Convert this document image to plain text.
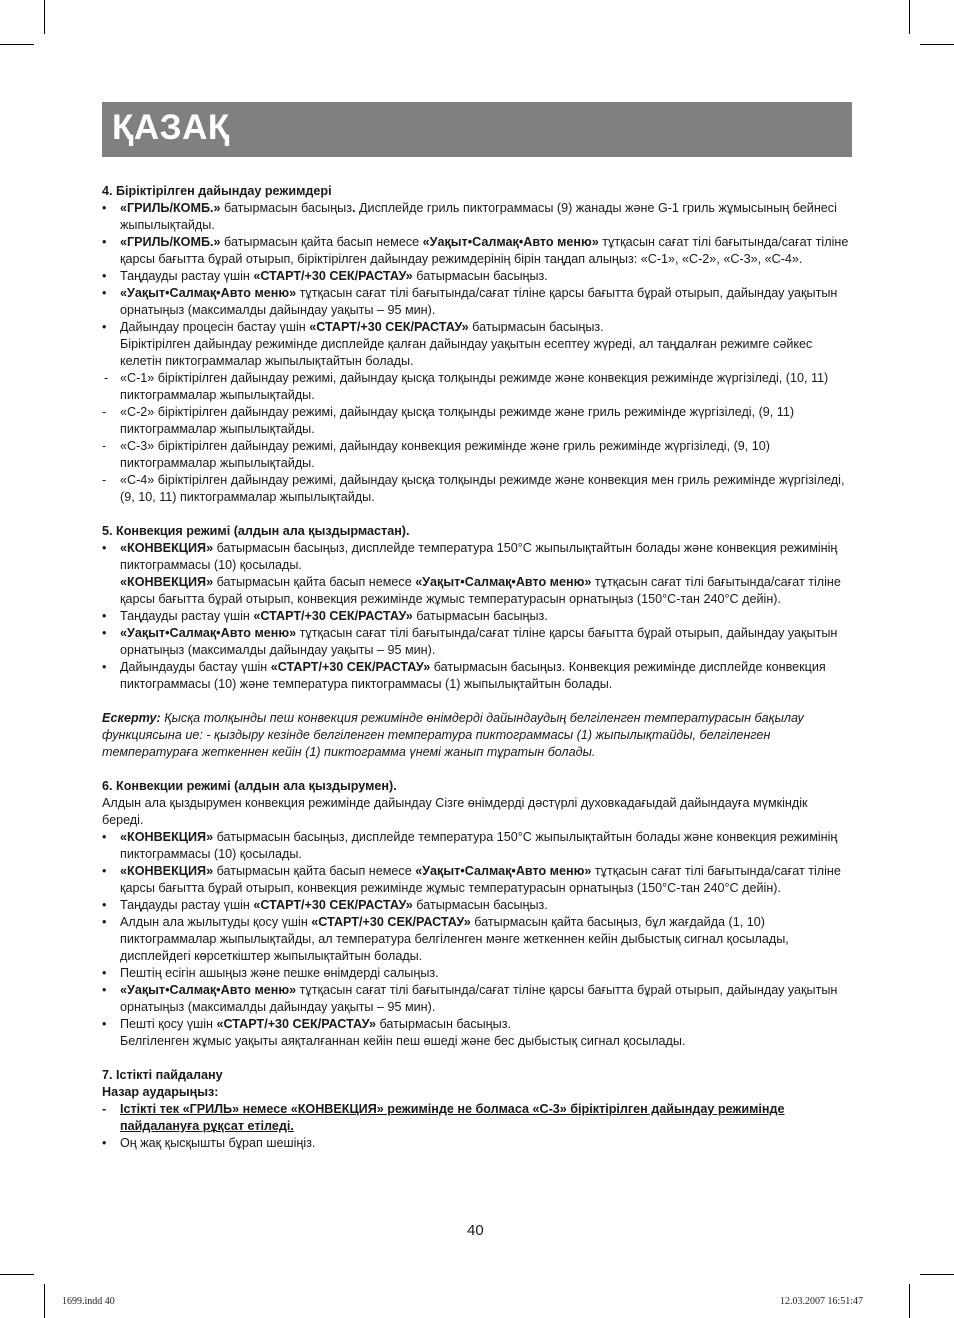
ҚАЗАҚ
4. Біріктірілген дайындау режимдері
• «ГРИЛЬ/КОМБ.» батырмасын басыңыз. Дисплейде гриль пиктограммасы (9) жанады және G-1 гриль жұмысының бейнесі жыпылықтайды.
• «ГРИЛЬ/КОМБ.» батырмасын қайта басып немесе «Уақыт•Салмақ•Авто меню» тұтқасын сағат тілі бағытында/сағат тіліне қарсы бағытта бұрай отырып, біріктірілген дайындау режимдерінің бірін таңдап алыңыз: «С-1», «С-2», «С-3», «С-4».
• Таңдауды растау үшін «СТАРТ/+30 СЕК/РАСТАУ» батырмасын басыңыз.
• «Уақыт•Салмақ•Авто меню» тұтқасын сағат тілі бағытында/сағат тіліне қарсы бағытта бұрай отырып, дайындау уақытын орнатыңыз (максималды дайындау уақыты – 95 мин).
• Дайындау процесін бастау үшін «СТАРТ/+30 СЕК/РАСТАУ» батырмасын басыңыз.
Біріктірілген дайындау режимінде дисплейде қалған дайындау уақытын есептеу жүреді, ал таңдалған режимге сәйкес келетін пиктограммалар жыпылықтайтын болады.
- «С-1» біріктірілген дайындау режимі, дайындау қысқа толқынды режимде және конвекция режимінде жүргізіледі, (10, 11) пиктограммалар жыпылықтайды.
- «С-2» біріктірілген дайындау режимі, дайындау қысқа толқынды режимде және гриль режимінде жүргізіледі, (9, 11) пиктограммалар жыпылықтайды.
- «С-3» біріктірілген дайындау режимі, дайындау конвекция режимінде және гриль режимінде жүргізіледі, (9, 10) пиктограммалар жыпылықтайды.
- «С-4» біріктірілген дайындау режимі, дайындау қысқа толқынды режимде және конвекция мен гриль режимінде жүргізіледі, (9, 10, 11) пиктограммалар жыпылықтайды.
5. Конвекция режимі (алдын ала қыздырмастан).
• «КОНВЕКЦИЯ» батырмасын басыңыз, дисплейде температура 150°С жыпылықтайтын болады және конвекция режимінің пиктограммасы (10) қосылады.
«КОНВЕКЦИЯ» батырмасын қайта басып немесе «Уақыт•Салмақ•Авто меню» тұтқасын сағат тілі бағытында/сағат тіліне қарсы бағытта бұрай отырып, конвекция режимінде жұмыс температурасын орнатыңыз (150°С-тан 240°С дейін).
• Таңдауды растау үшін «СТАРТ/+30 СЕК/РАСТАУ» батырмасын басыңыз.
• «Уақыт•Салмақ•Авто меню» тұтқасын сағат тілі бағытында/сағат тіліне қарсы бағытта бұрай отырып, дайындау уақытын орнатыңыз (максималды дайындау уақыты – 95 мин).
• Дайындауды бастау үшін «СТАРТ/+30 СЕК/РАСТАУ» батырмасын басыңыз. Конвекция режимінде дисплейде конвекция пиктограммасы (10) және температура пиктограммасы (1) жыпылықтайтын болады.
Ескерту: Қысқа толқынды пеш конвекция режимінде өнімдерді дайындаудың белгіленген температурасын бақылау функциясына ие: - қыздыру кезінде белгіленген температура пиктограммасы (1) жыпылықтайды, белгіленген температураға жеткеннен кейін (1) пиктограмма үнемі жанып тұратын болады.
6. Конвекции режимі (алдын ала қыздырумен).
Алдын ала қыздырумен конвекция режимінде дайындау Сізге өнімдерді дәстүрлі духовкадағыдай дайындауға мүмкіндік береді.
• «КОНВЕКЦИЯ» батырмасын басыңыз, дисплейде температура 150°С жыпылықтайтын болады және конвекция режимінің пиктограммасы (10) қосылады.
• «КОНВЕКЦИЯ» батырмасын қайта басып немесе «Уақыт•Салмақ•Авто меню» тұтқасын сағат тілі бағытында/сағат тіліне қарсы бағытта бұрай отырып, конвекция режимінде жұмыс температурасын орнатыңыз (150°С-тан 240°С дейін).
• Таңдауды растау үшін «СТАРТ/+30 СЕК/РАСТАУ» батырмасын басыңыз.
• Алдын ала жылытуды қосу үшін «СТАРТ/+30 СЕК/РАСТАУ» батырмасын қайта басыңыз, бұл жағдайда (1, 10) пиктограммалар жыпылықтайды, ал температура белгіленген мәнге жеткеннен кейін дыбыстық сигнал қосылады, дисплейдегі көрсеткіштер жыпылықтайтын болады.
• Пештің есігін ашыңыз және пешке өнімдерді салыңыз.
• «Уақыт•Салмақ•Авто меню» тұтқасын сағат тілі бағытында/сағат тіліне қарсы бағытта бұрай отырып, дайындау уақытын орнатыңыз (максималды дайындау уақыты – 95 мин).
• Пешті қосу үшін «СТАРТ/+30 СЕК/РАСТАУ» батырмасын басыңыз.
Белгіленген жұмыс уақыты аяқталғаннан кейін пеш өшеді және бес дыбыстық сигнал қосылады.
7. Істікті пайдалану
Назар аударыңыз:
- Істікті тек «ГРИЛЬ» немесе «КОНВЕКЦИЯ» режимінде не болмаса «С-3» біріктірілген дайындау режимінде пайдалануға рұқсат етіледі.
• Оң жақ қысқышты бұрап шешіңіз.
40
1699.indd 40	12.03.2007 16:51:47
